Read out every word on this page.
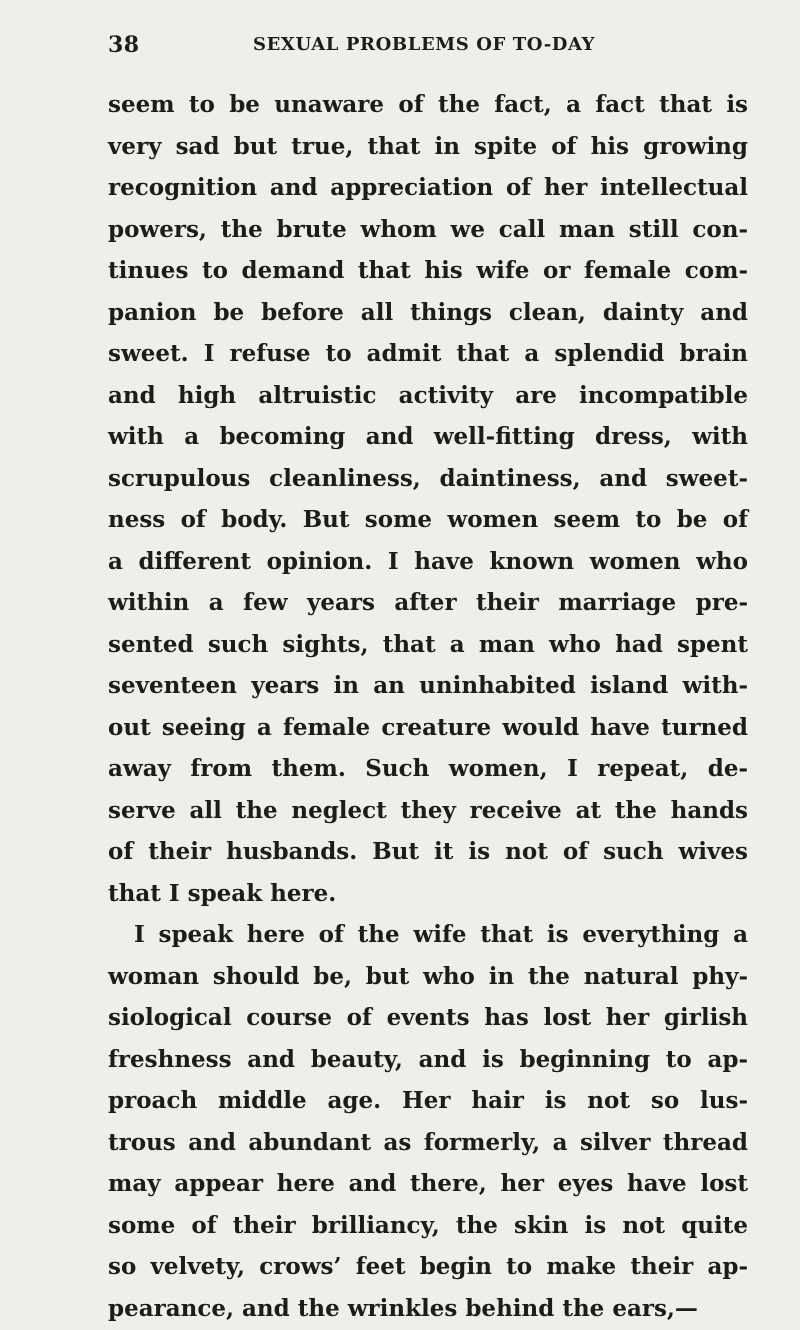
38	SEXUAL PROBLEMS OF TO-DAY
seem to be unaware of the fact, a fact that is
very sad but true, that in spite of his growing
recognition and appreciation of her intellectual
powers, the brute whom we call man still con-
tinues to demand that his wife or female com-
panion be before all things clean, dainty and
sweet. I refuse to admit that a splendid brain
and high altruistic activity are incompatible
with a becoming and well-fitting dress, with
scrupulous cleanliness, daintiness, and sweet-
ness of body. But some women seem to be of
a different opinion. I have known women who
within a few years after their marriage pre-
sented such sights, that a man who had spent
seventeen years in an uninhabited island with-
out seeing a female creature would have turned
away from them. Such women, I repeat, de-
serve all the neglect they receive at the hands
of their husbands. But it is not of such wives
that I speak here.
I speak here of the wife that is everything a
woman should be, but who in the natural phy-
siological course of events has lost her girlish
freshness and beauty, and is beginning to ap-
proach middle age. Her hair is not so lus-
trous and abundant as formerly, a silver thread
may appear here and there, her eyes have lost
some of their brilliancy, the skin is not quite
so velvety, crows’ feet begin to make their ap-
pearance, and the wrinkles behind the ears,—
